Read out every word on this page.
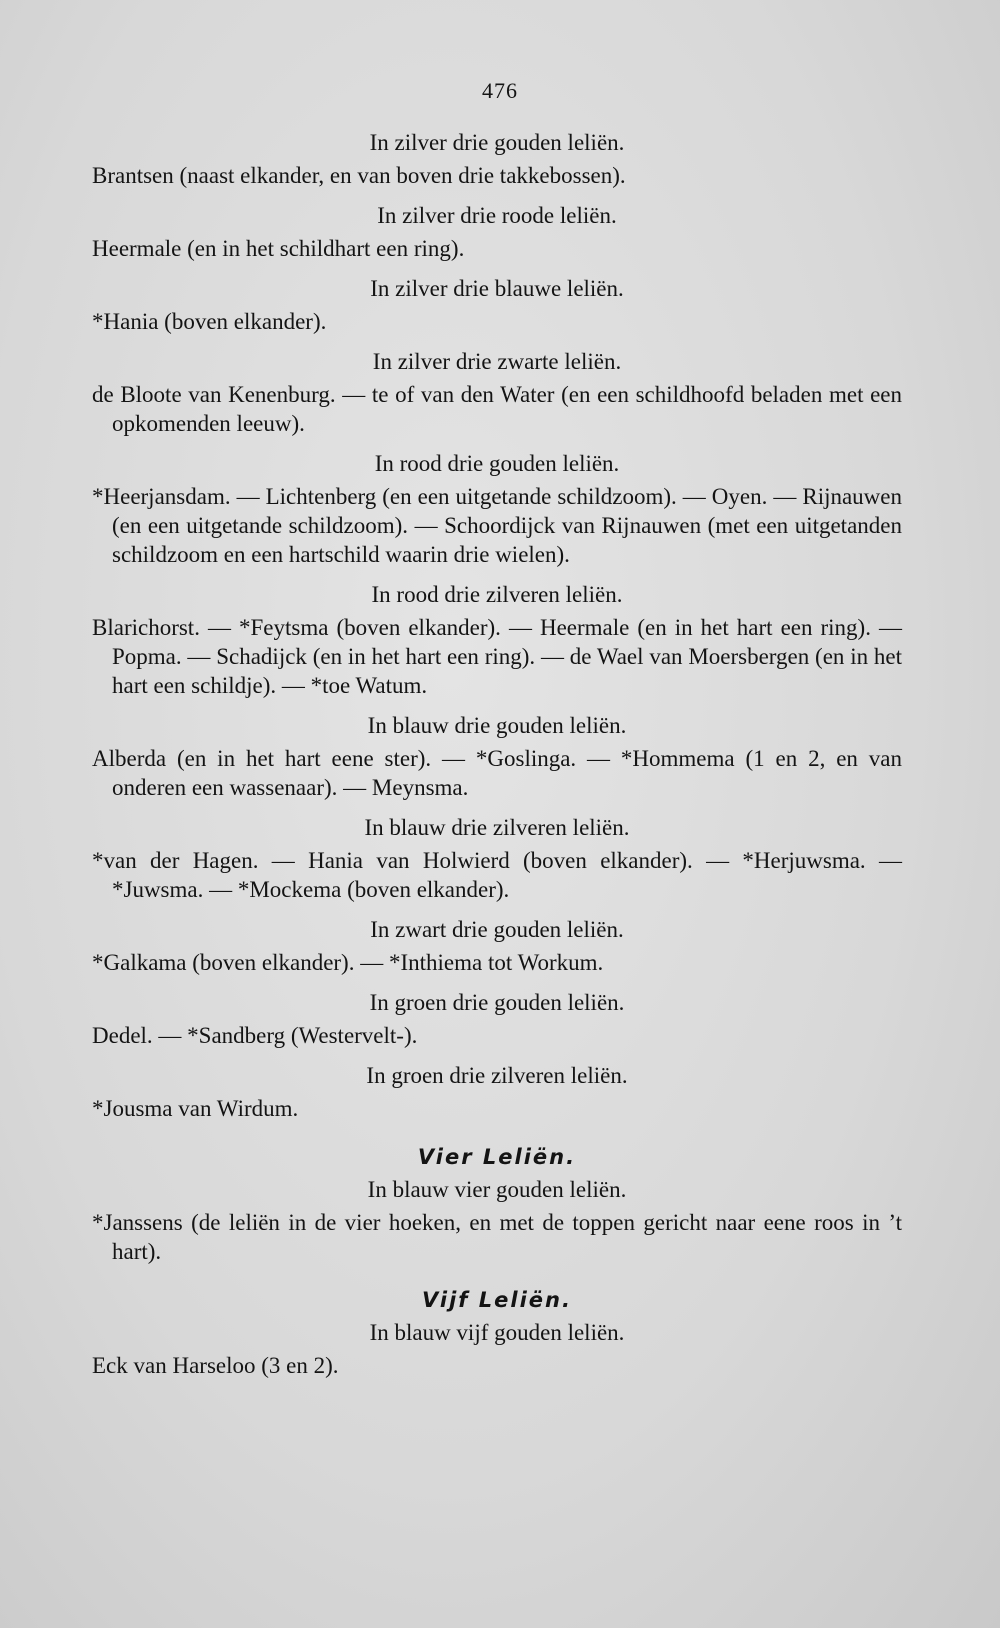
476
In zilver drie gouden leliën.

Brantsen (naast elkander, en van boven drie takkebossen).

In zilver drie roode leliën.

Heermale (en in het schildhart een ring).

In zilver drie blauwe leliën.

*Hania (boven elkander).

In zilver drie zwarte leliën.

de Bloote van Kenenburg. — te of van den Water (en een schildhoofd beladen met een opkomenden leeuw).

In rood drie gouden leliën.

*Heerjansdam. — Lichtenberg (en een uitgetande schildzoom). — Oyen. — Rijnauwen (en een uitgetande schildzoom). — Schoordijck van Rijnauwen (met een uitgetanden schildzoom en een hartschild waarin drie wielen).

In rood drie zilveren leliën.

Blarichorst. — *Feytsma (boven elkander). — Heermale (en in het hart een ring). — Popma. — Schadijck (en in het hart een ring). — de Wael van Moersbergen (en in het hart een schildje). — *toe Watum.

In blauw drie gouden leliën.

Alberda (en in het hart eene ster). — *Goslinga. — *Hommema (1 en 2, en van onderen een wassenaar). — Meynsma.

In blauw drie zilveren leliën.

*van der Hagen. — Hania van Holwierd (boven elkander). — *Herjuwsma. — *Juwsma. — *Mockema (boven elkander).

In zwart drie gouden leliën.

*Galkama (boven elkander). — *Inthiema tot Workum.

In groen drie gouden leliën.

Dedel. — *Sandberg (Westervelt-).

In groen drie zilveren leliën.

*Jousma van Wirdum.

Vier Leliën.
In blauw vier gouden leliën.

*Janssens (de leliën in de vier hoeken, en met de toppen gericht naar eene roos in ’t hart).

Vijf Leliën.
In blauw vijf gouden leliën.

Eck van Harseloo (3 en 2).
